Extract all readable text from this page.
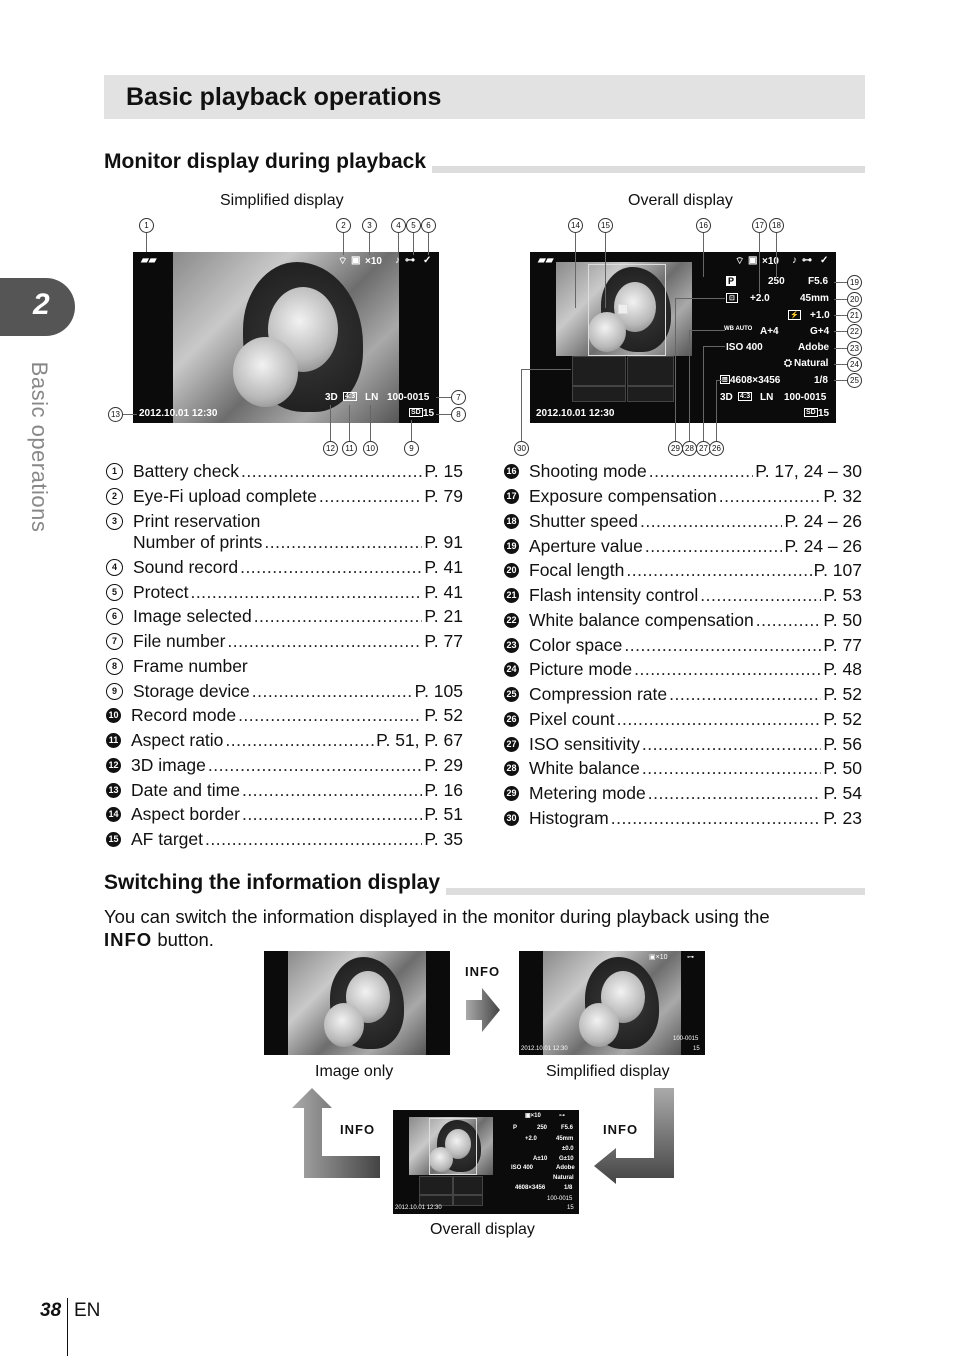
Basic playback operations
2
Basic operations
Monitor display during playback
Simplified display	Overall display
▰▰	⌔ ▣ ×10 ♪ ⊶ ✓
3D 4:3 LN 100-0015
2012.10.01 12:30	SD 15
1	2	3	4	5	6
7
8
13
12	11	10	9
▰▰	⌔ ▣ ×10 ♪ ⊶ ✓
P	250 F5.6
⊡	+2.0	45mm
⚡ +1.0
WB AUTO A+4	G+4
ISO 400	Adobe
⛭ Natural
▥ 4608×3456	1/8
3D 4:3 LN 100-0015
2012.10.01 12:30	SD 15
14	15	16	17	18
19
20
21
22
23
24
25
30	29 28 27 26
1 Battery check .....	P. 15
2 Eye-Fi upload complete .....	P. 79
3 Print reservation
Number of prints .....	P. 91
4 Sound record .....	P. 41
5 Protect .....	P. 41
6 Image selected .....	P. 21
7 File number .....	P. 77
8 Frame number
9 Storage device .....	P. 105
10 Record mode .....	P. 52
11 Aspect ratio .....	P. 51, P. 67
12 3D image .....	P. 29
13 Date and time .....	P. 16
14 Aspect border .....	P. 51
15 AF target .....	P. 35
16 Shooting mode .....	P. 17, 24 – 30
17 Exposure compensation .....	P. 32
18 Shutter speed .....	P. 24 – 26
19 Aperture value .....	P. 24 – 26
20 Focal length .....	P. 107
21 Flash intensity control .....	P. 53
22 White balance compensation .....	P. 50
23 Color space .....	P. 77
24 Picture mode .....	P. 48
25 Compression rate .....	P. 52
26 Pixel count .....	P. 52
27 ISO sensitivity .....	P. 56
28 White balance .....	P. 50
29 Metering mode .....	P. 54
30 Histogram .....	P. 23
Switching the information display
You can switch the information displayed in the monitor during playback using the
INFO button.
Image only
▣×10	⊶
100-0015
2012.10.01 12:30	15
Simplified display
▣×10	⊶
P	250 F5.6
+2.0	45mm
±0.0
A±10 G±10
ISO 400	Adobe
Natural
4608×3456	1/8
100-0015
2012.10.01 12:30	15
Overall display
INFO
INFO
INFO
38 EN
